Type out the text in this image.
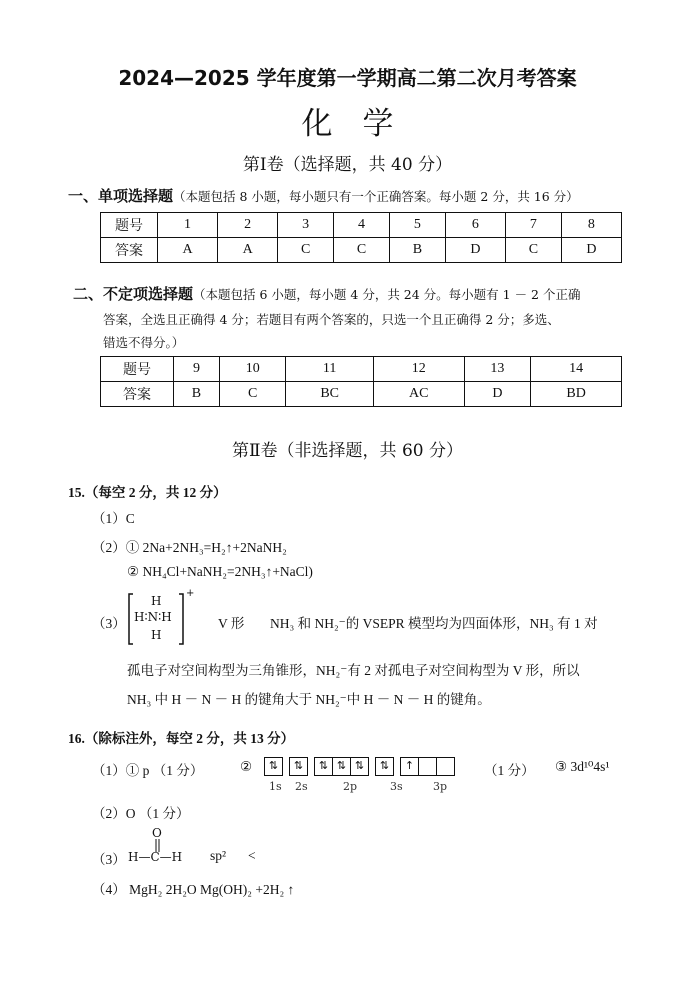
2024—2025 学年度第一学期高二第二次月考答案
化学
第Ⅰ卷（选择题，共 40 分）
一、单项选择题（本题包括 8 小题，每小题只有一个正确答案。每小题 2 分，共 16 分）
题号	1	2	3	4	5	6	7	8
答案	A	A	C	C	B	D	C	D
二、不定项选择题（本题包括 6 小题，每小题 4 分，共 24 分。每小题有 1 － 2 个正确
答案，全选且正确得 4 分；若题目有两个答案的，只选一个且正确得 2 分；多选、
错选不得分。）
题号	9	10	11	12	13	14
答案	B	C	BC	AC	D	BD
第Ⅱ卷（非选择题，共 60 分）
15.（每空 2 分，共 12 分）
（1）C
（2）① 2Na+2NH₃=H₂↑+2NaNH₂
② NH₄Cl+NaNH₂=2NH₃↑+NaCl)
（3）
H
H∶N∶H
H
+
V 形 NH₃ 和 NH₂⁻的 VSEPR 模型均为四面体形，NH₃ 有 1 对
孤电子对空间构型为三角锥形，NH₂⁻有 2 对孤电子对空间构型为 V 形，所以
NH₃ 中 H － N － H 的键角大于 NH₂⁻中 H － N － H 的键角。
16.（除标注外，每空 2 分，共 13 分）
（1）① p （1 分）	②	⇅ ⇅ ⇅ ⇅ ⇅ ⇅ ↑
1s 2s	2p	3s	3p
（1 分） ③ 3d¹⁰4s¹
（2）O （1 分）
（3）
O
H—C—H sp² <
（4） MgH₂ 2H₂O Mg(OH)₂ +2H₂ ↑
